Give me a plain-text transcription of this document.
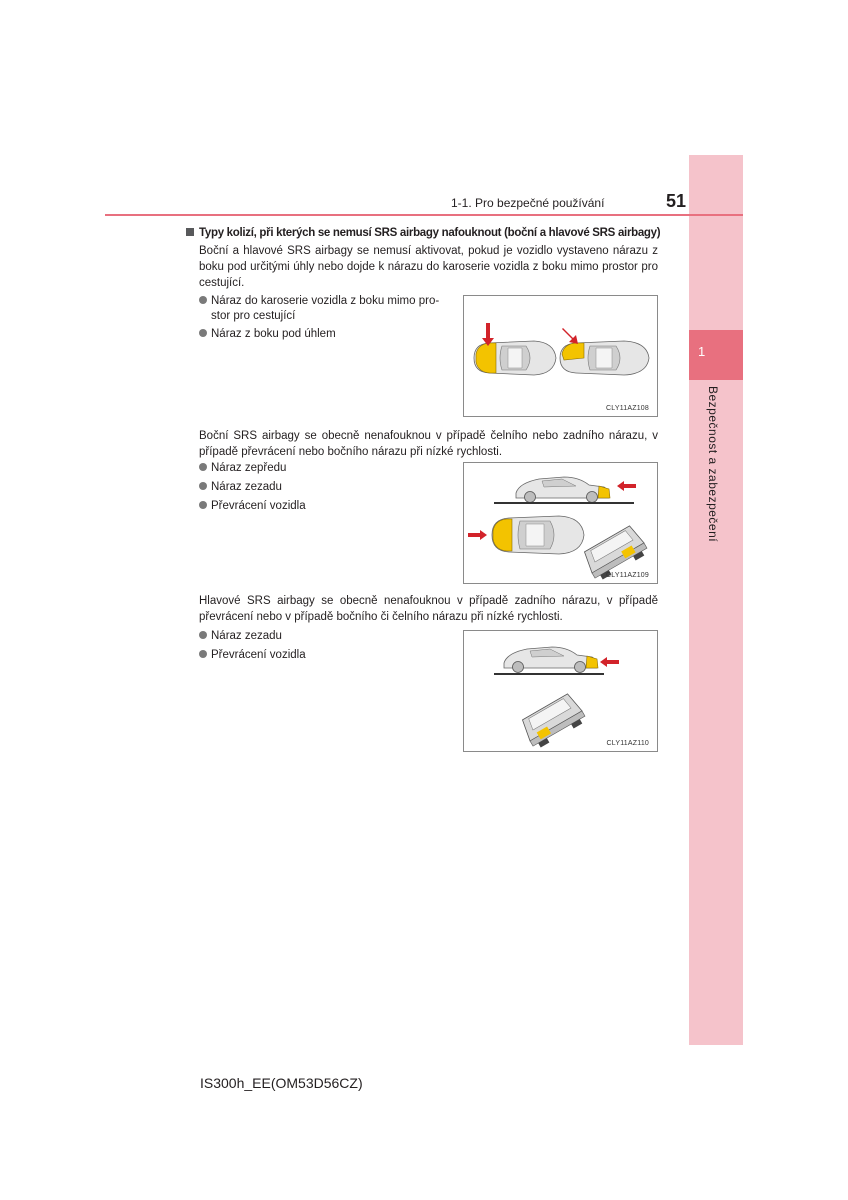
1
Bezpečnost a zabezpečení
1-1. Pro bezpečné používání	51
Typy kolizí, při kterých se nemusí SRS airbagy nafouknout (boční a hlavové SRS airbagy)
Boční a hlavové SRS airbagy se nemusí aktivovat, pokud je vozidlo vystaveno nárazu z boku pod určitými úhly nebo dojde k nárazu do karoserie vozidla z boku mimo prostor pro cestující.
Náraz do karoserie vozidla z boku mimo pro-
stor pro cestující
Náraz z boku pod úhlem
CLY11AZ108
Boční SRS airbagy se obecně nenafouknou v případě čelního nebo zadního nárazu, v případě převrácení nebo bočního nárazu při nízké rychlosti.
Náraz zepředu
Náraz zezadu
Převrácení vozidla
CLY11AZ109
Hlavové SRS airbagy se obecně nenafouknou v případě zadního nárazu, v případě převrácení nebo v případě bočního či čelního nárazu při nízké rychlosti.
Náraz zezadu
Převrácení vozidla
CLY11AZ110
IS300h_EE(OM53D56CZ)
